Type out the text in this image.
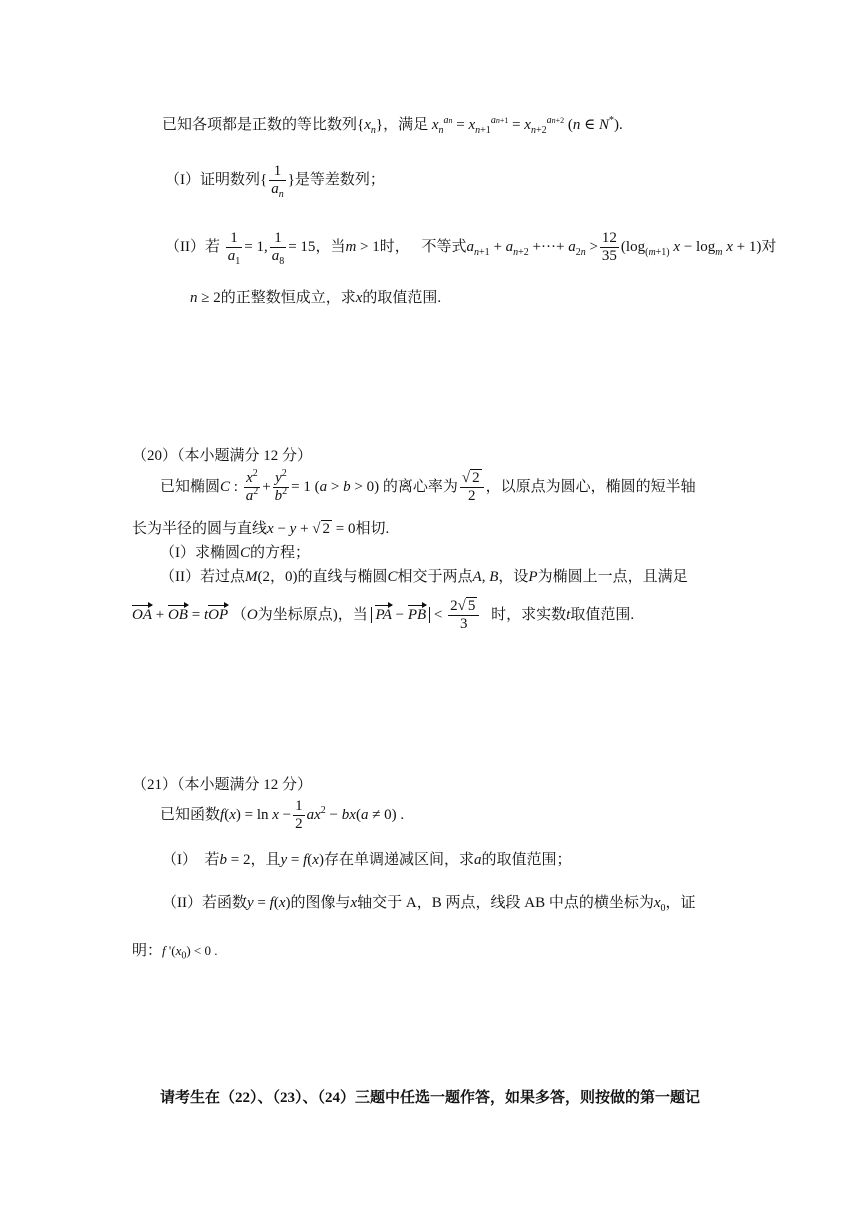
已知各项都是正数的等比数列$\{x_n\}$，满足 $x_n^{an} = x_{n+1}^{an+1} = x_{n+2}^{an+2}$ (n ∈ N*).
（I）证明数列{ $\frac{1}{a_n}$ }是等差数列；
（II）若 $\frac{1}{a_1} = 1$, $\frac{1}{a_8} = 15$，当m > 1时， 不等式$a_{n+1} + a_{n+2}$ +···+ $a_{2n} > \frac{12}{35} (\log_{(m+1)}$ $x - \log_m x + 1$)对
n ≥ 2的正整数恒成立，求x的取值范围.
（20）（本小题满分 12 分）
已知椭圆C : $\frac{x^2}{a^2} + \frac{y^2}{b^2} = 1$ (a > b > 0) 的离心率为 $\frac{√ 2}{2}$ ，以原点为圆心，椭圆的短半轴
长为半径的圆与直线x − y + √ 2 = 0相切.
（I）求椭圆C的方程；
（II）若过点M(2，0)的直线与椭圆C相交于两点A, B，设P为椭圆上一点，且满足
OA + OB = tOP （O为坐标原点)，当 PA − PB < $\frac{2√ 5}{3}$ 时，求实数t取值范围.
（21）（本小题满分 12 分）
已知函数$f(x) = \ln x - \frac{1}{2} ax^2 - bx(a \ne 0)$ .
（I）　若b = 2，且y = f(x)存在单调递减区间，求a的取值范围；
（II）若函数y = f(x)的图像与x轴交于 A，B 两点，线段 AB 中点的横坐标为$x_0$，证
明：f '$(x_0) < 0$ .
请考生在（22）、（23）、（24）三题中任选一题作答，如果多答，则按做的第一题记
